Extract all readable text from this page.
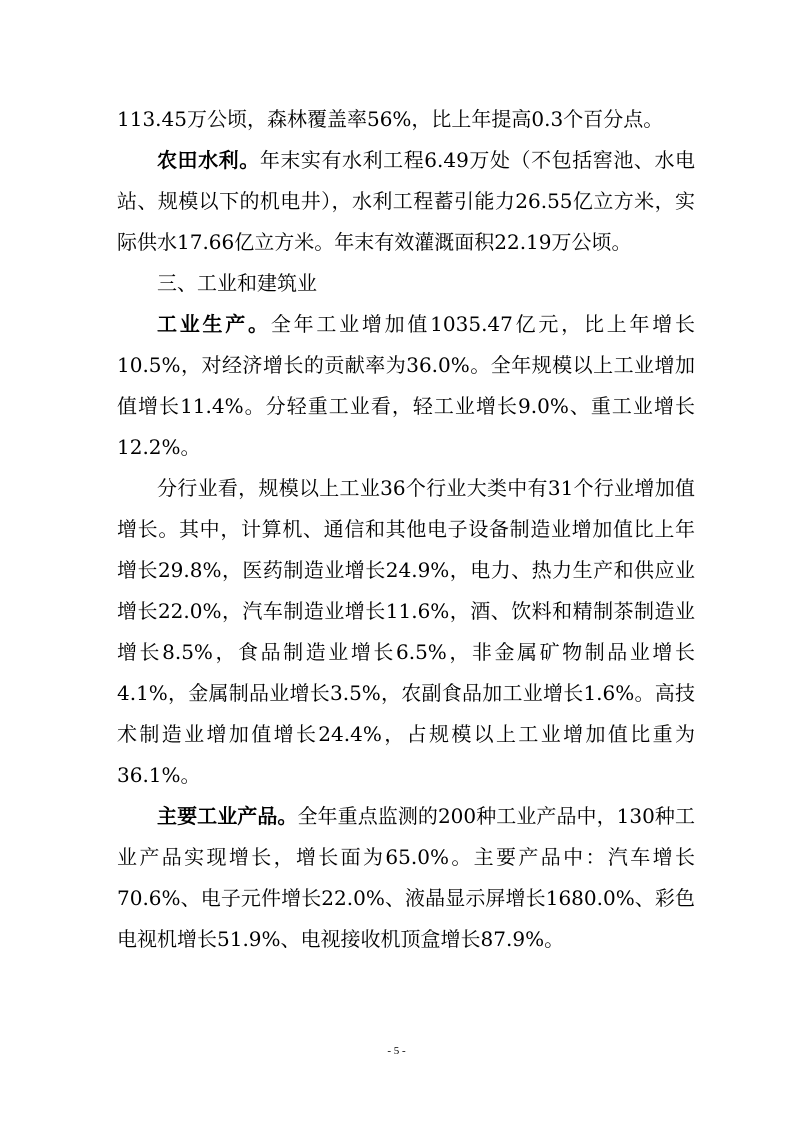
113.45万公顷，森林覆盖率56%，比上年提高0.3个百分点。

农田水利。年末实有水利工程6.49万处（不包括窖池、水电站、规模以下的机电井），水利工程蓄引能力26.55亿立方米，实际供水17.66亿立方米。年末有效灌溉面积22.19万公顷。

三、工业和建筑业

工业生产。全年工业增加值1035.47亿元，比上年增长10.5%，对经济增长的贡献率为36.0%。全年规模以上工业增加值增长11.4%。分轻重工业看，轻工业增长9.0%、重工业增长12.2%。

分行业看，规模以上工业36个行业大类中有31个行业增加值增长。其中，计算机、通信和其他电子设备制造业增加值比上年增长29.8%，医药制造业增长24.9%，电力、热力生产和供应业增长22.0%，汽车制造业增长11.6%，酒、饮料和精制茶制造业增长8.5%，食品制造业增长6.5%，非金属矿物制品业增长4.1%，金属制品业增长3.5%，农副食品加工业增长1.6%。高技术制造业增加值增长24.4%，占规模以上工业增加值比重为36.1%。

主要工业产品。全年重点监测的200种工业产品中，130种工业产品实现增长，增长面为65.0%。主要产品中：汽车增长70.6%、电子元件增长22.0%、液晶显示屏增长1680.0%、彩色电视机增长51.9%、电视接收机顶盒增长87.9%。

- 5 -
